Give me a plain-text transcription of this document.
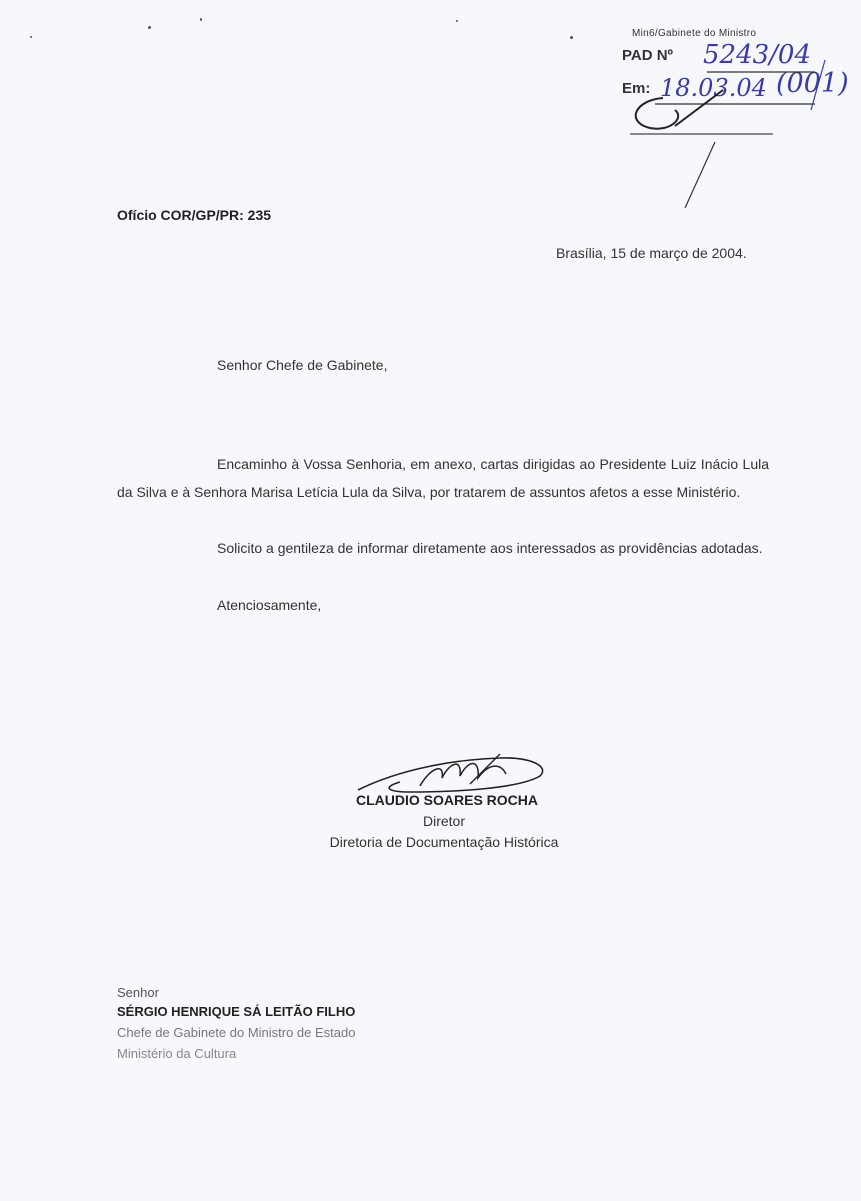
Min6/Gabinete do Ministro
PAD Nº 5243/04
Em: 18.03.04 (001)
Ofício COR/GP/PR: 235
Brasília, 15 de março de 2004.
Senhor Chefe de Gabinete,
Encaminho à Vossa Senhoria, em anexo, cartas dirigidas ao Presidente Luiz Inácio Lula da Silva e à Senhora Marisa Letícia Lula da Silva, por tratarem de assuntos afetos a esse Ministério.
Solicito a gentileza de informar diretamente aos interessados as providências adotadas.
Atenciosamente,
CLAUDIO SOARES ROCHA
Diretor
Diretoria de Documentação Histórica
Senhor
SÉRGIO HENRIQUE SÁ LEITÃO FILHO
Chefe de Gabinete do Ministro de Estado
Ministério da Cultura
